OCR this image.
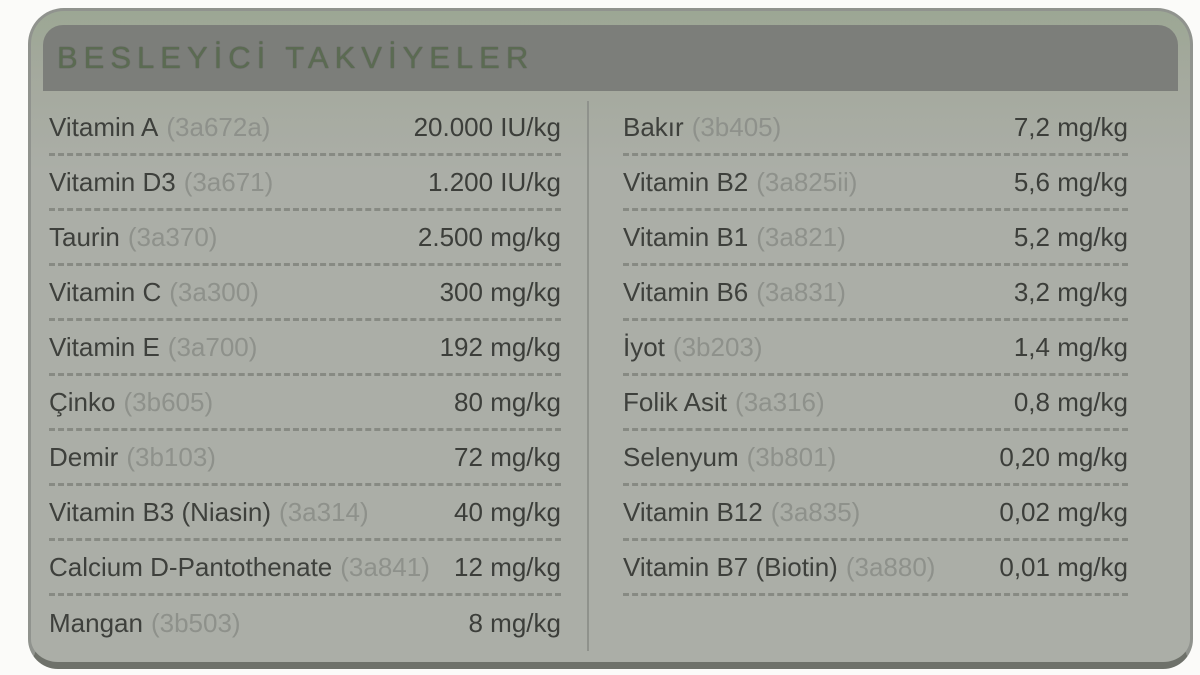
BESLEYİCİ TAKVİYELER
Vitamin A (3a672a)	20.000 IU/kg
Vitamin D3 (3a671)	1.200 IU/kg
Taurin (3a370)	2.500 mg/kg
Vitamin C (3a300)	300 mg/kg
Vitamin E (3a700)	192 mg/kg
Çinko (3b605)	80 mg/kg
Demir (3b103)	72 mg/kg
Vitamin B3 (Niasin) (3a314)	40 mg/kg
Calcium D-Pantothenate (3a841) 12 mg/kg
Mangan (3b503)	8 mg/kg
Bakır (3b405)	7,2 mg/kg
Vitamin B2 (3a825ii)	5,6 mg/kg
Vitamin B1 (3a821)	5,2 mg/kg
Vitamin B6 (3a831)	3,2 mg/kg
İyot (3b203)	1,4 mg/kg
Folik Asit (3a316)	0,8 mg/kg
Selenyum (3b801)	0,20 mg/kg
Vitamin B12 (3a835)	0,02 mg/kg
Vitamin B7 (Biotin) (3a880) 0,01 mg/kg
